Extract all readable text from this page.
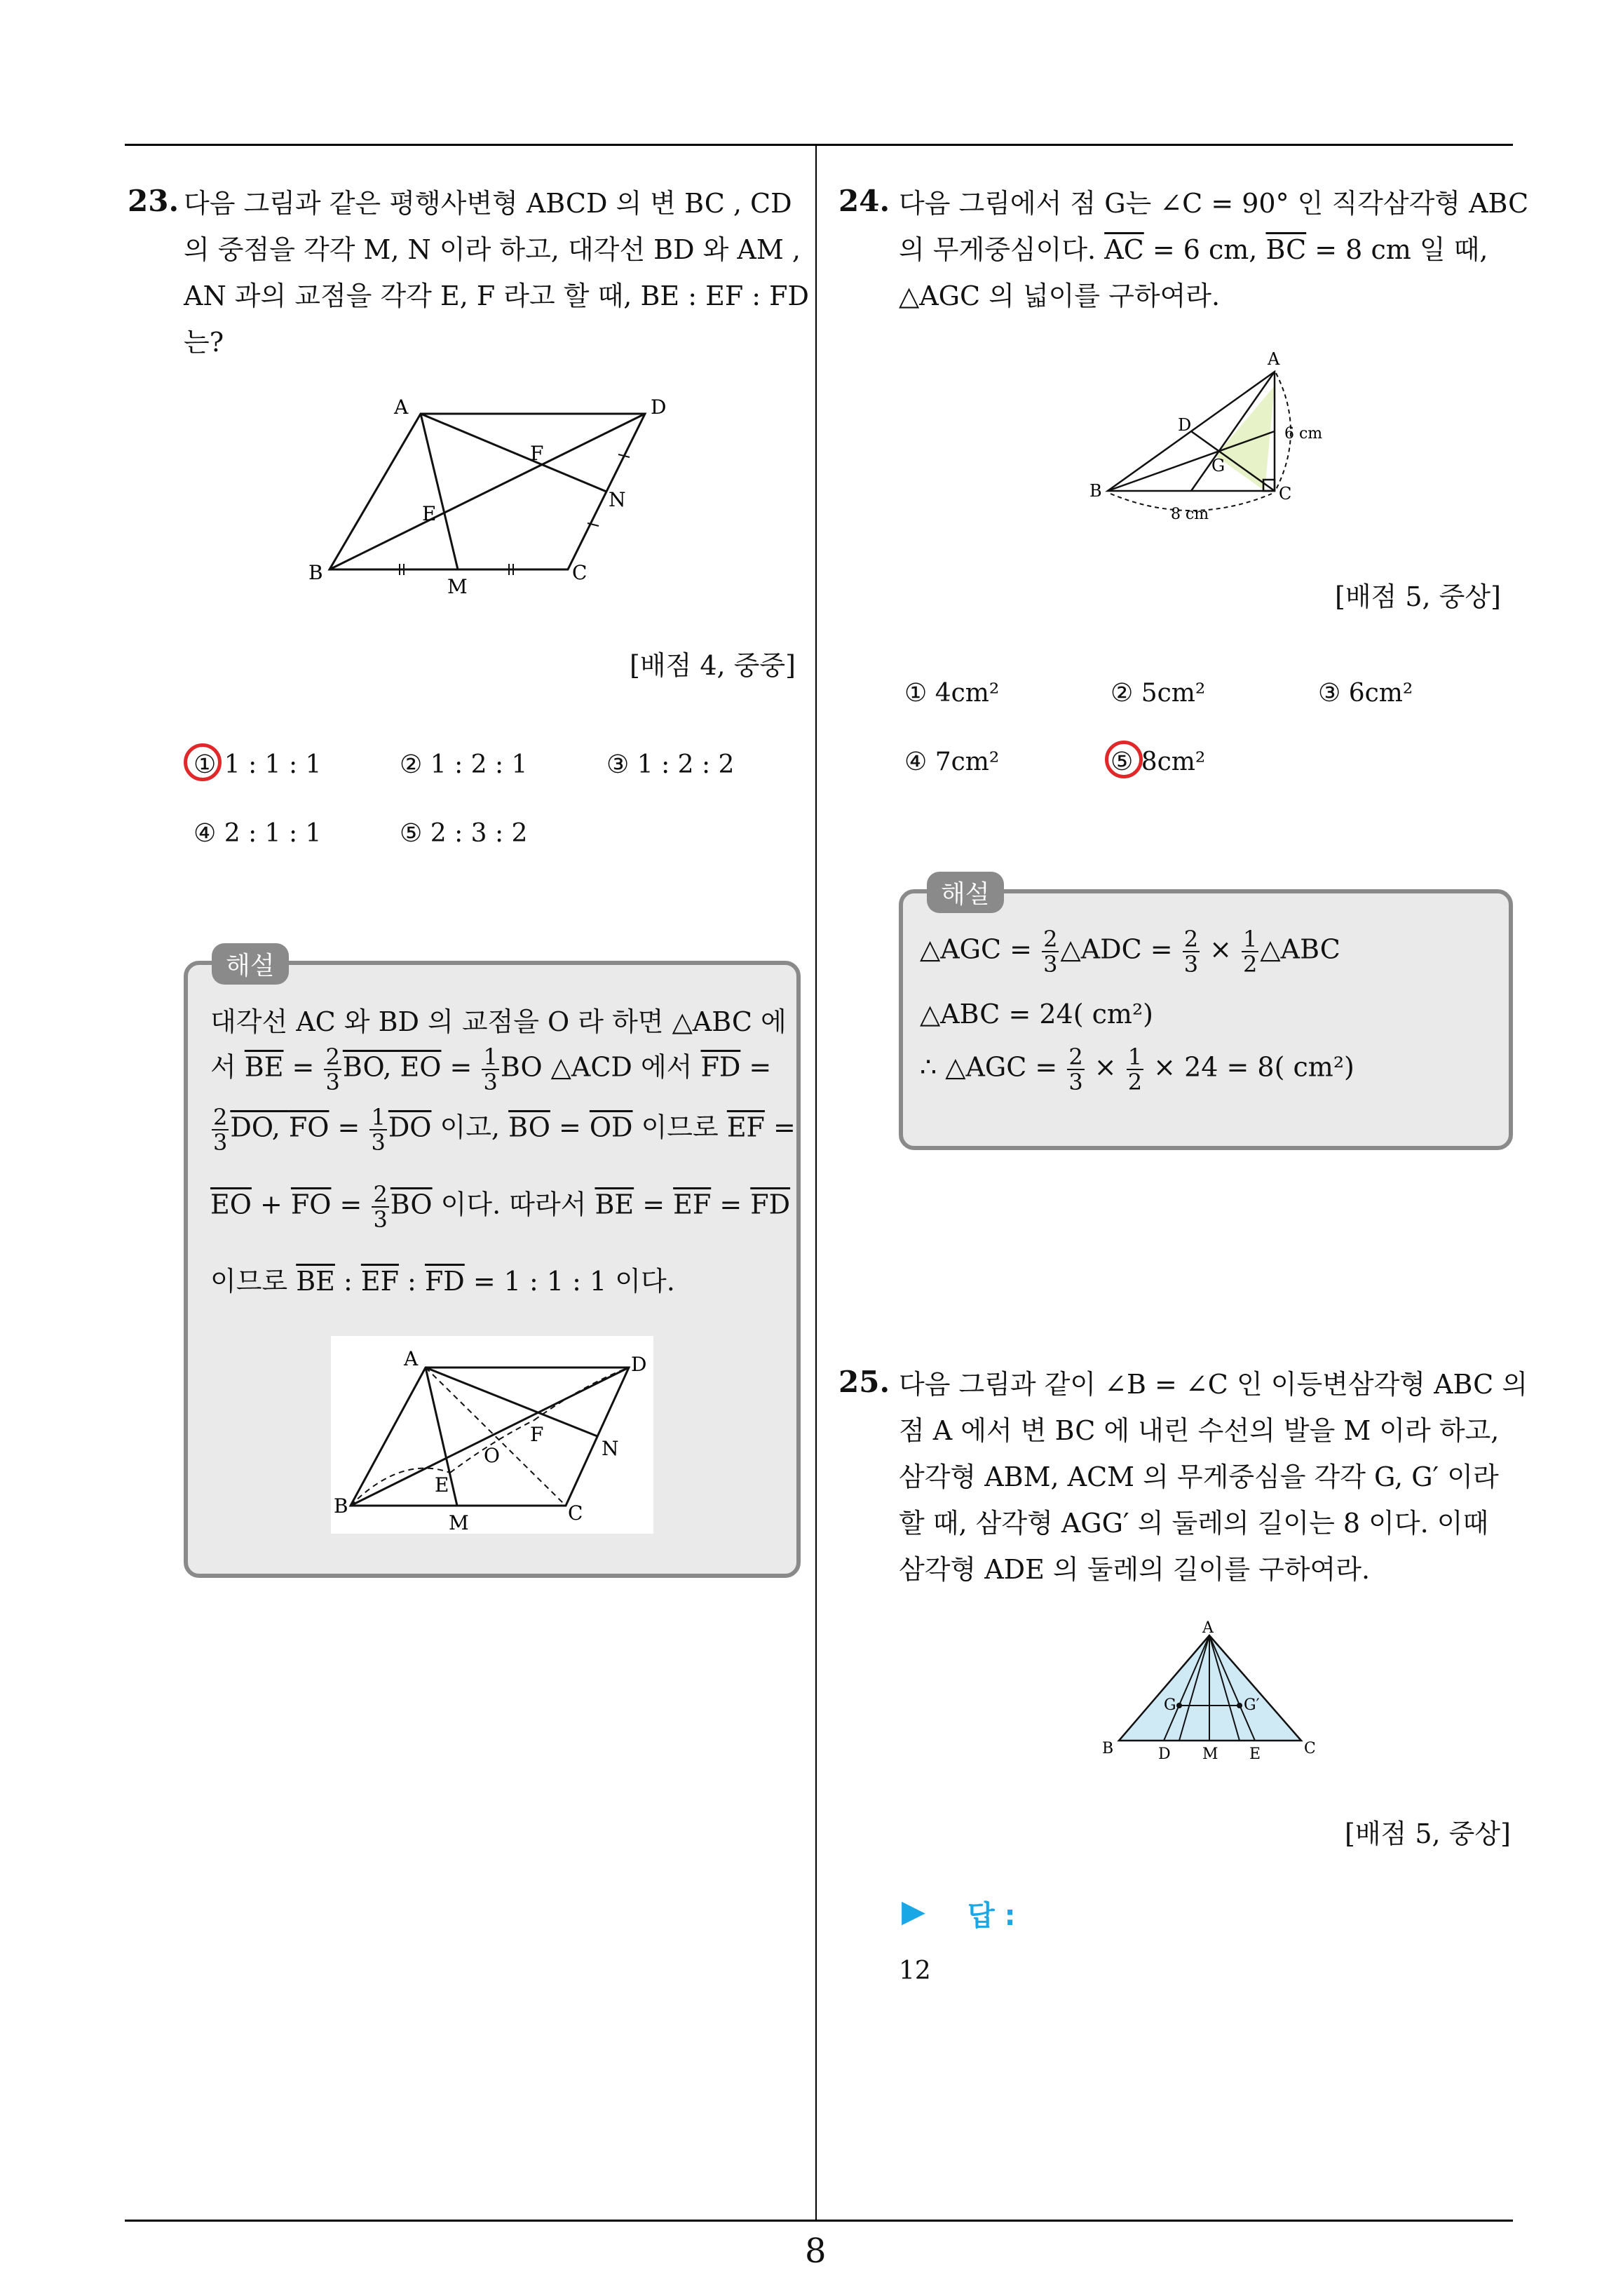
23. 다음 그림과 같은 평행사변형 ABCD 의 변 BC , CD
의 중점을 각각 M, N 이라 하고, 대각선 BD 와 AM ,
AN 과의 교점을 각각 E, F 라고 할 때, BE : EF : FD
는?
A	D
F
N
E
B
M
C
[배점 4, 중중]
① 1 : 1 : 1	② 1 : 2 : 1	③ 1 : 2 : 2
④ 2 : 1 : 1	⑤ 2 : 3 : 2
해설
대각선 AC 와 BD 의 교점을 O 라 하면 △ABC 에
서 $\overline{BE} = \frac{2}{3}$ BO, $\overline{EO} = \frac{1}{3}$ BO △ACD 에서 $\overline{FD}$ =
$\frac{2}{3}$ DO, $\overline{FO} = \frac{1}{3} \overline{DO}$ 이고, $\overline{BO} = \overline{OD}$ 이므로 $\overline{EF}$ =
$\overline{EO} + \overline{FO} = \frac{2}{3} \overline{BO}$ 이다. 따라서 $\overline{BE} = \overline{EF} = \overline{FD}$
이므로 $\overline{BE}$ : $\overline{EF}$ : $\overline{FD} = 1$ : 1 : 1 이다.
A	D
F
N
O
E
B
M	C
24. 다음 그림에서 점 G는 ∠C = 90° 인 직각삼각형 ABC
의 무게중심이다. $\overline{AC} = 6$ cm, $\overline{BC} = 8$ cm 일 때,
△AGC 의 넓이를 구하여라.
A
D
G
6 cm
B	C
8 cm
[배점 5, 중상]
① 4cm²	② 5cm²	③ 6cm²
④ 7cm²	⑤ 8cm²
해설
△AGC = $\frac{2}{3}$ △ADC = $\frac{2}{3} \times \frac{1}{2}$ △ABC
△ABC = 24( cm²)
∴ △AGC = $\frac{2}{3} \times \frac{1}{2} \times 24 = 8$( cm²)
25. 다음 그림과 같이 ∠B = ∠C 인 이등변삼각형 ABC 의
점 A 에서 변 BC 에 내린 수선의 발을 M 이라 하고,
삼각형 ABM, ACM 의 무게중심을 각각 G, G′ 이라
할 때, 삼각형 AGG′ 의 둘레의 길이는 8 이다. 이때
삼각형 ADE 의 둘레의 길이를 구하여라.
A
G	G′
B	D M E	C
[배점 5, 중상]
▶ 답 :
12
8
